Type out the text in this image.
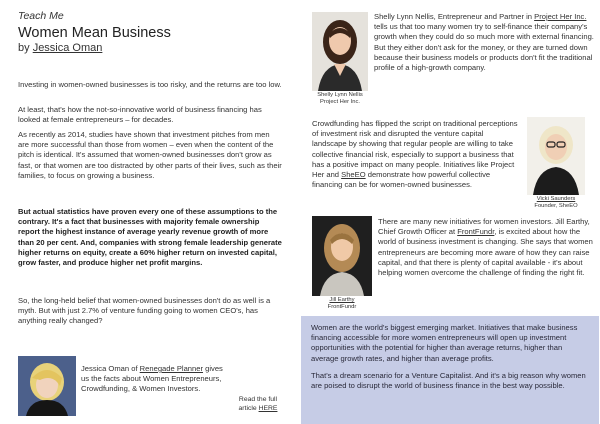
Teach Me
Women Mean Business
by Jessica Oman

Investing in women-owned businesses is too risky, and the returns are too low.

At least, that's how the not-so-innovative world of business financing has looked at female entrepreneurs – for decades.

As recently as 2014, studies have shown that investment pitches from men are more successful than those from women – even when the content of the pitch is identical. It's assumed that women-owned businesses don't grow as fast, or that women are too distracted by other parts of their lives, such as their families, to focus on growing a business.

But actual statistics have proven every one of these assumptions to the contrary. It's a fact that businesses with majority female ownership report the highest instance of average yearly revenue growth of more than 20 per cent. And, companies with strong female leadership generate higher returns on equity, create a 60% higher return on invested capital, grow faster, and produce higher net profit margins.

So, the long-held belief that women-owned businesses don't do as well is a myth. But with just 2.7% of venture funding going to women CEO's, has anything really changed?

Jessica Oman of Renegade Planner gives us the facts about Women Entrepreneurs, Crowdfunding, & Women Investors.

Read the full article HERE

Shelly Lynn Nellis
Project Her Inc.

Shelly Lynn Nellis, Entrepreneur and Partner in Project Her Inc. tells us that too many women try to self-finance their company's growth when they could do so much more with external financing. But they either don't ask for the money, or they are turned down because their business models or products don't fit the traditional profile of a high-growth company.

Crowdfunding has flipped the script on traditional perceptions of investment risk and disrupted the venture capital landscape by showing that regular people are willing to take collective financial risk, especially to support a business that has a positive impact on many people. Initiatives like Project Her and SheEO demonstrate how powerful collective financing can be for women-owned businesses.

Vicki Saunders
Founder, SheEO
Jill Earthy
FrontFundr

There are many new initiatives for women investors. Jill Earthy, Chief Growth Officer at FrontFundr, is excited about how the world of business investment is changing. She says that women entrepreneurs are becoming more aware of how they can raise capital, and that there is plenty of capital available - it's about helping women overcome the challenge of finding the right fit.

Women are the world's biggest emerging market. Initiatives that make business financing accessible for more women entrepreneurs will open up investment opportunities with the potential for higher than average returns, higher than average growth rates, and higher than average profits.

That's a dream scenario for a Venture Capitalist. And it's a big reason why women are poised to disrupt the world of business finance in the best way possible.
